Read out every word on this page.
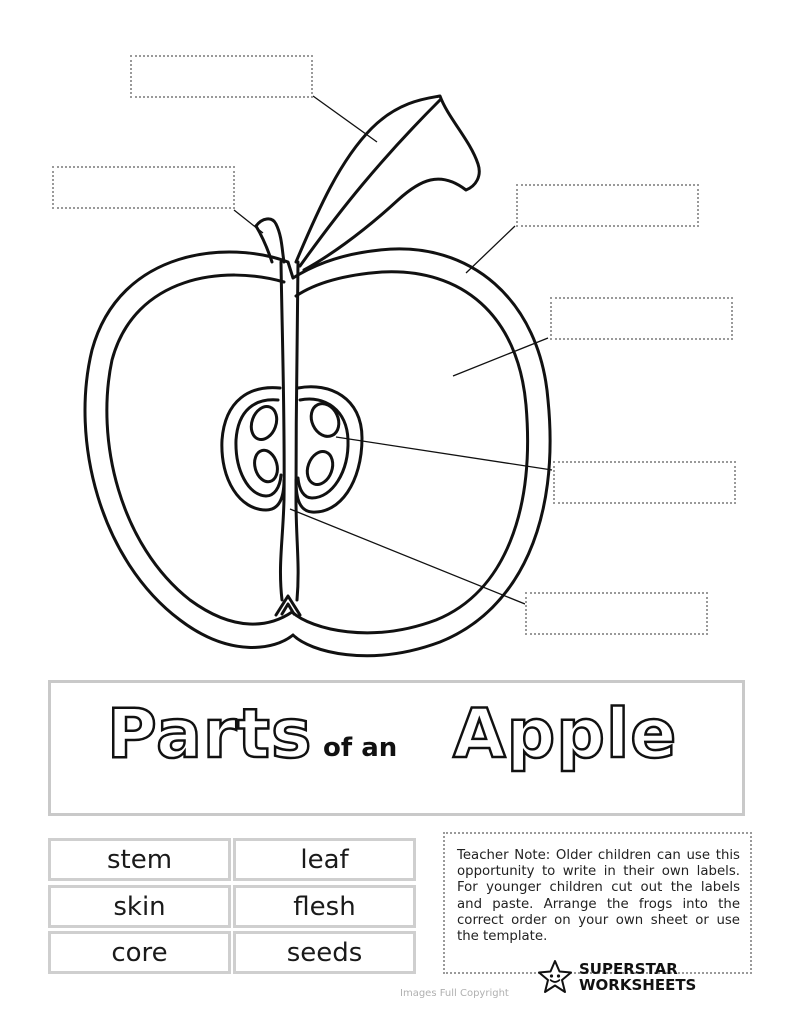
Parts of an Apple
stem	leaf
skin	flesh
core	seeds
Teacher Note: Older children can use this opportunity to write in their own labels. For younger children cut out the labels and paste. Arrange the frogs into the correct order on your own sheet or use the template.
SUPERSTAR
WORKSHEETS
Images Full Copyright
